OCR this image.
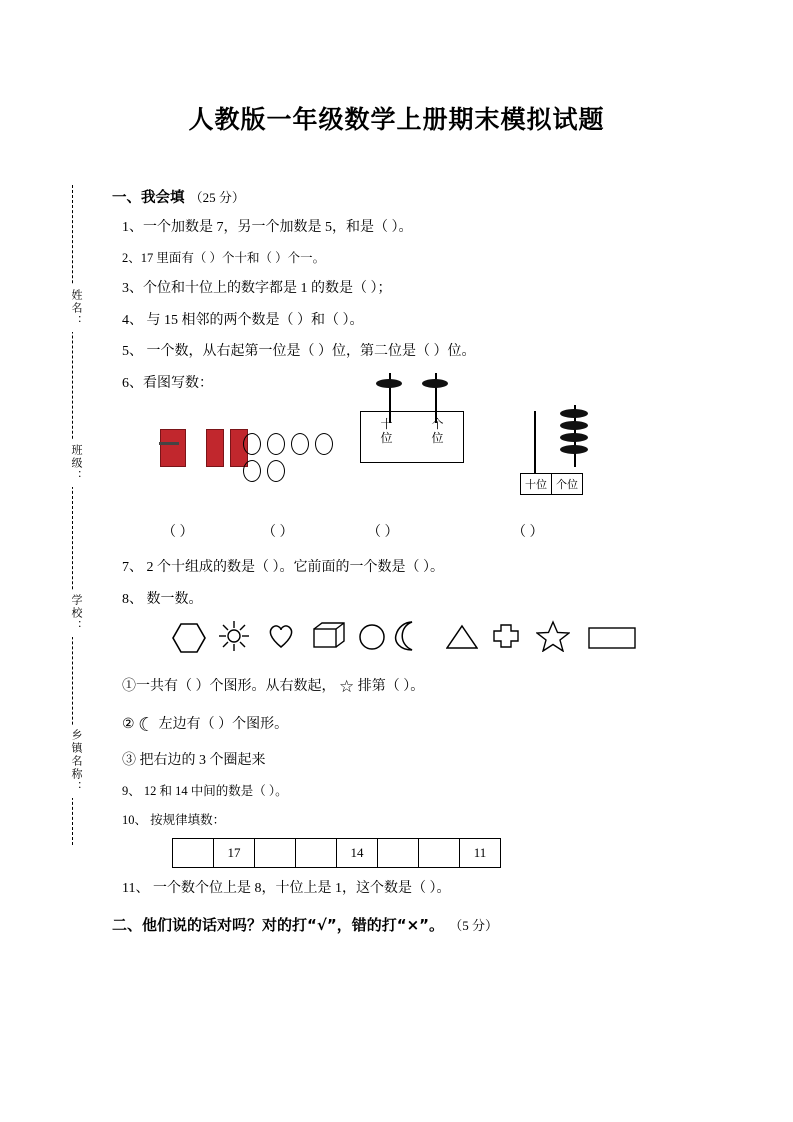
人教版一年级数学上册期末模拟试题
姓名：
班级：
学校：
乡镇名称：
一、我会填 （25 分）
1、一个加数是 7，另一个加数是 5，和是（ ）。
2、17 里面有（ ）个十和（ ）个一。
3、个位和十位上的数字都是 1 的数是（ ）；
4、 与 15 相邻的两个数是（ ）和（ ）。
5、 一个数，从右起第一位是（ ）位，第二位是（ ）位。
6、看图写数：

十	个
位	位
十位 个位
（ ）	（ ）	（ ）	（ ）
7、 2 个十组成的数是（ ）。它前面的一个数是（ ）。
8、 数一数。
①一共有（ ）个图形。从右数起， ☆ 排第（ ）。
② ☾ 左边有（ ）个图形。
③ 把右边的 3 个圈起来
9、 12 和 14 中间的数是（ ）。
10、 按规律填数：
	17			14			11
11、 一个数个位上是 8，十位上是 1，这个数是（ ）。
二、他们说的话对吗？对的打“√”，错的打“×”。 （5 分）
